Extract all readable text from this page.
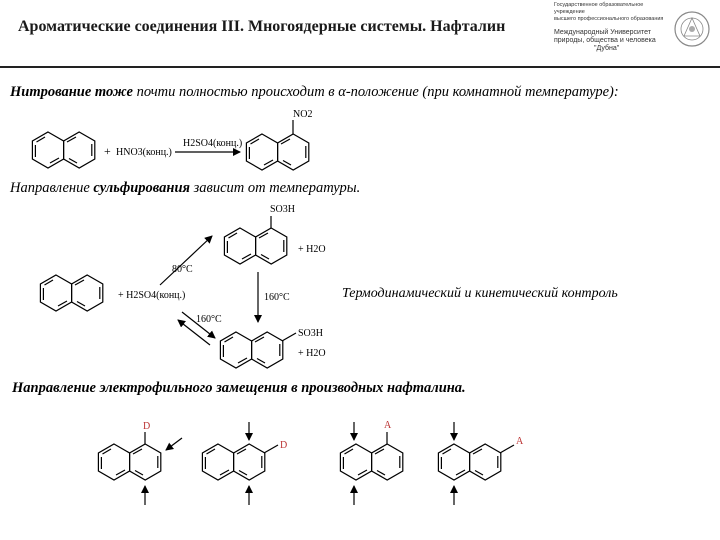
Ароматические соединения III. Многоядерные системы. Нафталин
Государственное образовательное учреждение
высшего профессионального образования
Международный Университет
природы, общества и человека
"Дубна"
Нитрование тоже почти полностью происходит в α-положение (при комнатной температуре):
Направление сульфирования зависит от температуры.
Термодинамический и кинетический контроль
Направление электрофильного замещения в производных нафталина.
+ HNO3(конц.)
H2SO4(конц.)
NO2
+ H2SO4(конц.)
80°C
160°C
SO3H
+ H2O
160°C
SO3H
+ H2O
D
D
A
A
